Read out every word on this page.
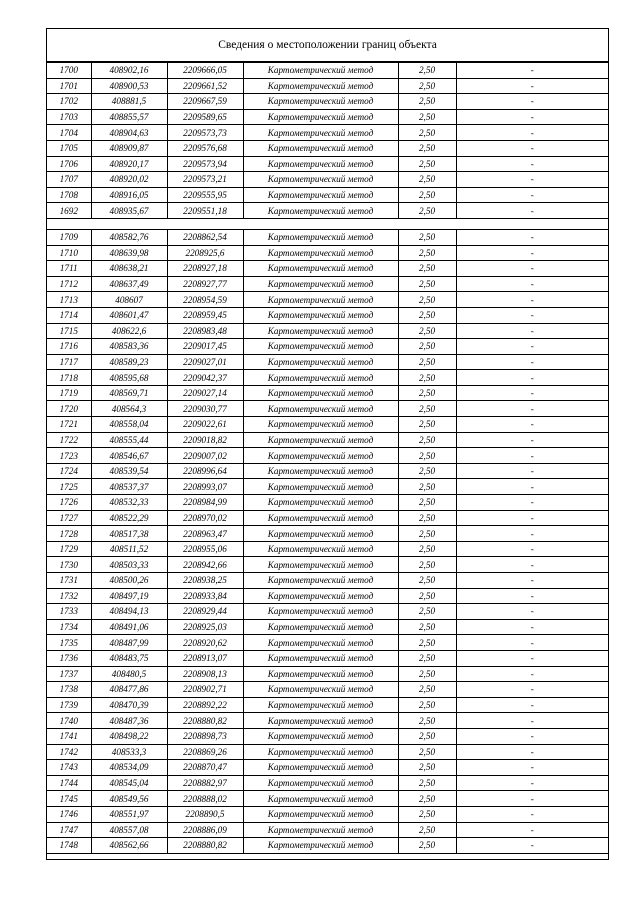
Сведения о местоположении границ объекта
1700	408902,16	2209666,05	Картометрический метод	2,50	-
1701	408900,53	2209661,52	Картометрический метод	2,50	-
1702	408881,5	2209667,59	Картометрический метод	2,50	-
1703	408855,57	2209589,65	Картометрический метод	2,50	-
1704	408904,63	2209573,73	Картометрический метод	2,50	-
1705	408909,87	2209576,68	Картометрический метод	2,50	-
1706	408920,17	2209573,94	Картометрический метод	2,50	-
1707	408920,02	2209573,21	Картометрический метод	2,50	-
1708	408916,05	2209555,95	Картометрический метод	2,50	-
1692	408935,67	2209551,18	Картометрический метод	2,50	-

1709	408582,76	2208862,54	Картометрический метод	2,50	-
1710	408639,98	2208925,6	Картометрический метод	2,50	-
1711	408638,21	2208927,18	Картометрический метод	2,50	-
1712	408637,49	2208927,77	Картометрический метод	2,50	-
1713	408607	2208954,59	Картометрический метод	2,50	-
1714	408601,47	2208959,45	Картометрический метод	2,50	-
1715	408622,6	2208983,48	Картометрический метод	2,50	-
1716	408583,36	2209017,45	Картометрический метод	2,50	-
1717	408589,23	2209027,01	Картометрический метод	2,50	-
1718	408595,68	2209042,37	Картометрический метод	2,50	-
1719	408569,71	2209027,14	Картометрический метод	2,50	-
1720	408564,3	2209030,77	Картометрический метод	2,50	-
1721	408558,04	2209022,61	Картометрический метод	2,50	-
1722	408555,44	2209018,82	Картометрический метод	2,50	-
1723	408546,67	2209007,02	Картометрический метод	2,50	-
1724	408539,54	2208996,64	Картометрический метод	2,50	-
1725	408537,37	2208993,07	Картометрический метод	2,50	-
1726	408532,33	2208984,99	Картометрический метод	2,50	-
1727	408522,29	2208970,02	Картометрический метод	2,50	-
1728	408517,38	2208963,47	Картометрический метод	2,50	-
1729	408511,52	2208955,06	Картометрический метод	2,50	-
1730	408503,33	2208942,66	Картометрический метод	2,50	-
1731	408500,26	2208938,25	Картометрический метод	2,50	-
1732	408497,19	2208933,84	Картометрический метод	2,50	-
1733	408494,13	2208929,44	Картометрический метод	2,50	-
1734	408491,06	2208925,03	Картометрический метод	2,50	-
1735	408487,99	2208920,62	Картометрический метод	2,50	-
1736	408483,75	2208913,07	Картометрический метод	2,50	-
1737	408480,5	2208908,13	Картометрический метод	2,50	-
1738	408477,86	2208902,71	Картометрический метод	2,50	-
1739	408470,39	2208892,22	Картометрический метод	2,50	-
1740	408487,36	2208880,82	Картометрический метод	2,50	-
1741	408498,22	2208898,73	Картометрический метод	2,50	-
1742	408533,3	2208869,26	Картометрический метод	2,50	-
1743	408534,09	2208870,47	Картометрический метод	2,50	-
1744	408545,04	2208882,97	Картометрический метод	2,50	-
1745	408549,56	2208888,02	Картометрический метод	2,50	-
1746	408551,97	2208890,5	Картометрический метод	2,50	-
1747	408557,08	2208886,09	Картометрический метод	2,50	-
1748	408562,66	2208880,82	Картометрический метод	2,50	-
